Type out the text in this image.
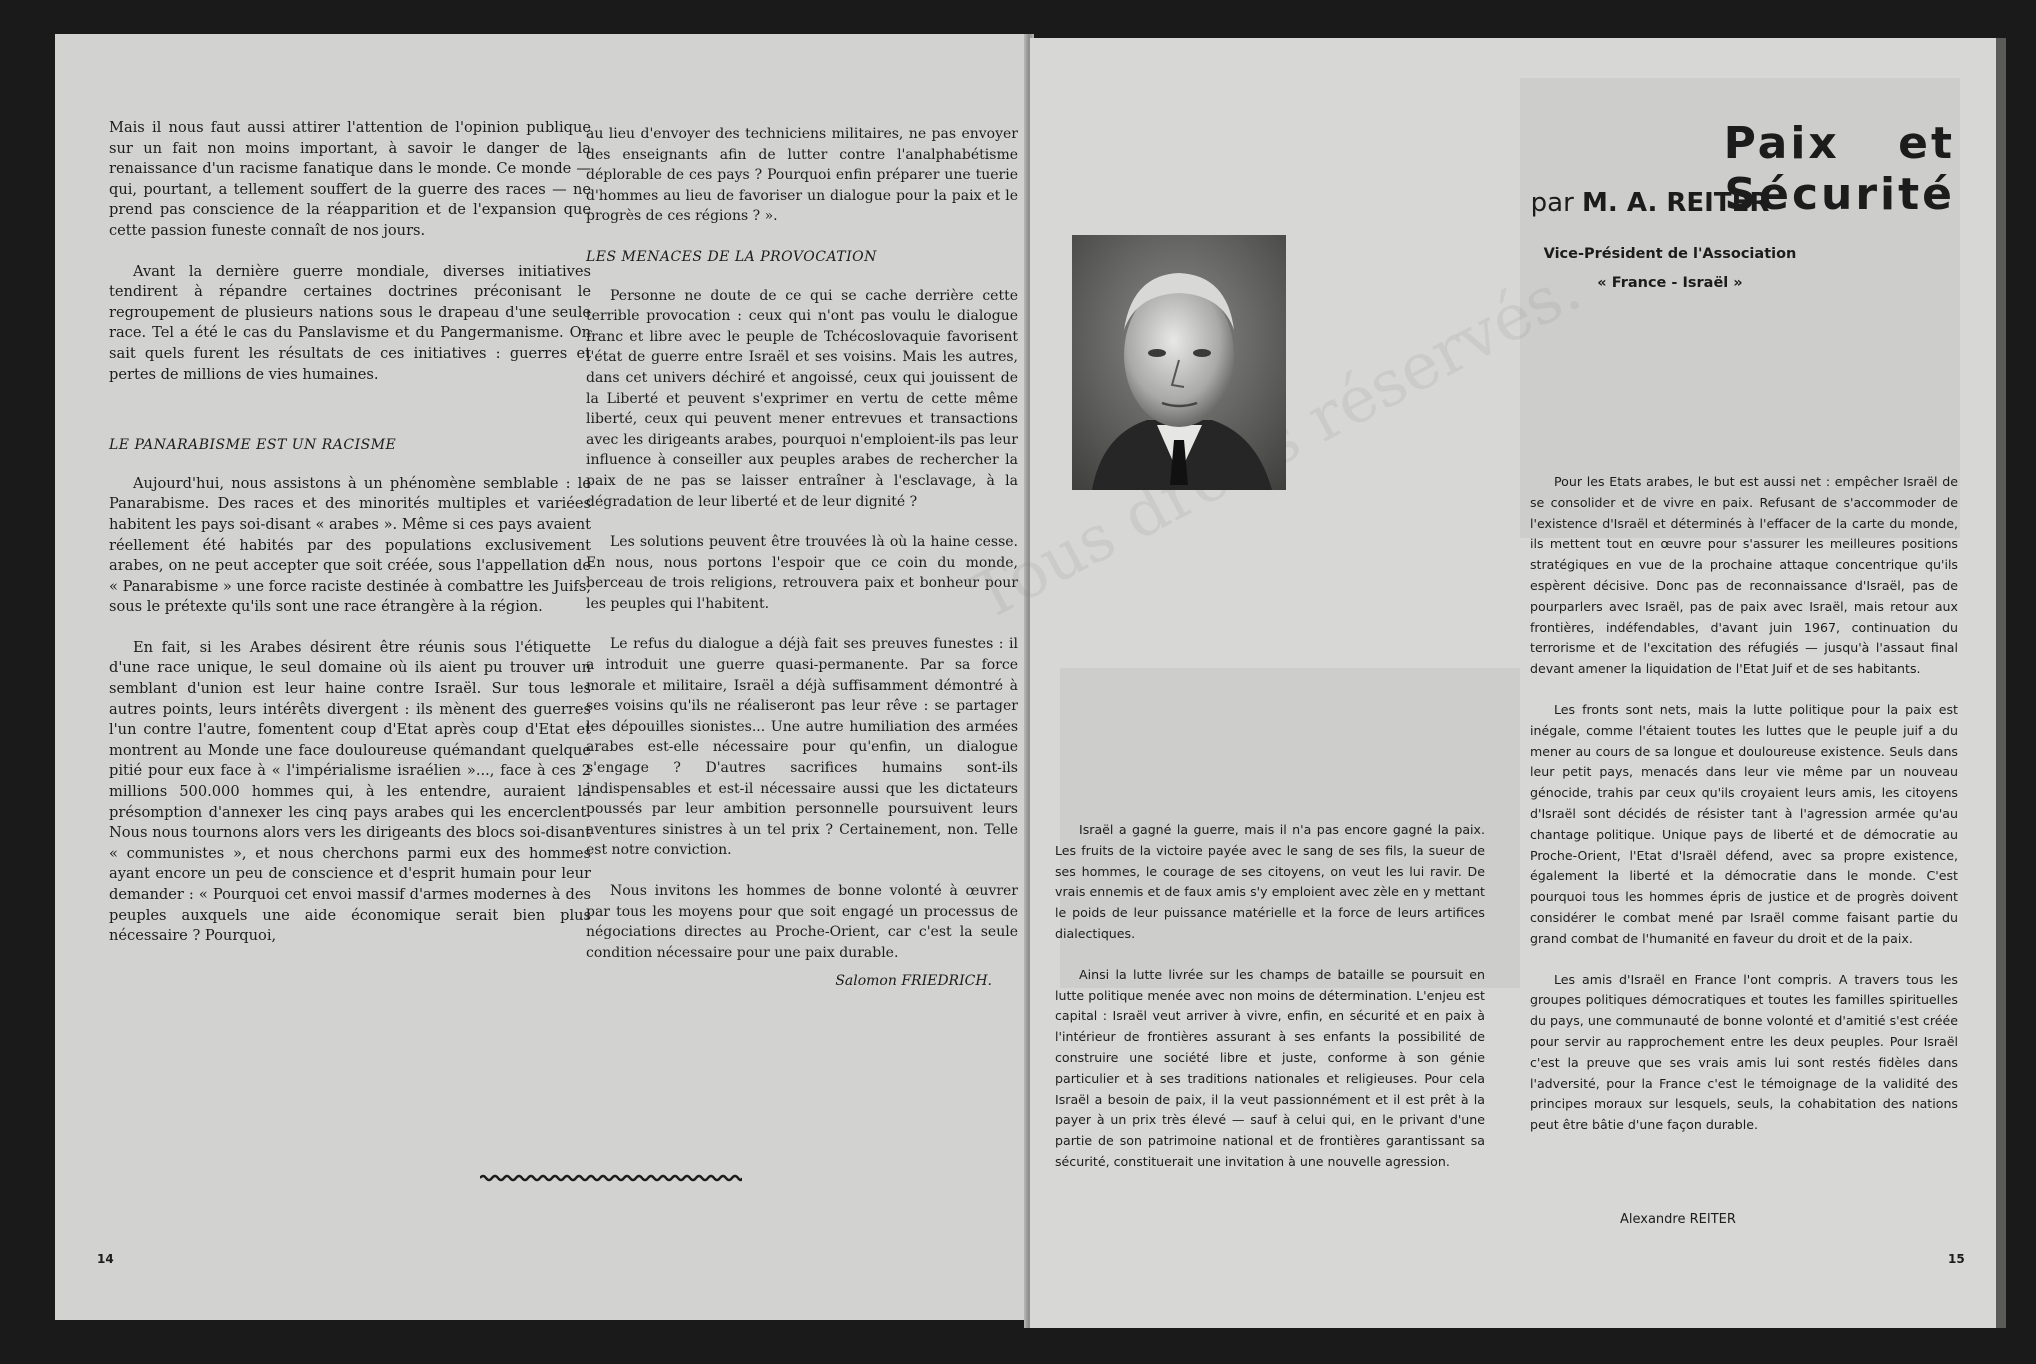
Mais il nous faut aussi attirer l'attention de l'opinion publique sur un fait non moins important, à savoir le danger de la renaissance d'un racisme fanatique dans le monde. Ce monde — qui, pourtant, a tellement souffert de la guerre des races — ne prend pas conscience de la réapparition et de l'expansion que cette passion funeste connaît de nos jours.

Avant la dernière guerre mondiale, diverses initiatives tendirent à répandre certaines doctrines préconisant le regroupement de plusieurs nations sous le drapeau d'une seule race. Tel a été le cas du Panslavisme et du Pangermanisme. On sait quels furent les résultats de ces initiatives : guerres et pertes de millions de vies humaines.

LE PANARABISME EST UN RACISME

Aujourd'hui, nous assistons à un phénomène semblable : le Panarabisme. Des races et des minorités multiples et variées habitent les pays soi-disant « arabes ». Même si ces pays avaient réellement été habités par des populations exclusivement arabes, on ne peut accepter que soit créée, sous l'appellation de « Panarabisme » une force raciste destinée à combattre les Juifs, sous le prétexte qu'ils sont une race étrangère à la région.

En fait, si les Arabes désirent être réunis sous l'étiquette d'une race unique, le seul domaine où ils aient pu trouver un semblant d'union est leur haine contre Israël. Sur tous les autres points, leurs intérêts divergent : ils mènent des guerres l'un contre l'autre, fomentent coup d'Etat après coup d'Etat et montrent au Monde une face douloureuse quémandant quelque pitié pour eux face à « l'impérialisme israélien »..., face à ces 2 millions 500.000 hommes qui, à les entendre, auraient la présomption d'annexer les cinq pays arabes qui les encerclent. Nous nous tournons alors vers les dirigeants des blocs soi-disant « communistes », et nous cherchons parmi eux des hommes ayant encore un peu de conscience et d'esprit humain pour leur demander : « Pourquoi cet envoi massif d'armes modernes à des peuples auxquels une aide économique serait bien plus nécessaire ? Pourquoi,

au lieu d'envoyer des techniciens militaires, ne pas envoyer des enseignants afin de lutter contre l'analphabétisme déplorable de ces pays ? Pourquoi enfin préparer une tuerie d'hommes au lieu de favoriser un dialogue pour la paix et le progrès de ces régions ? ».

LES MENACES DE LA PROVOCATION

Personne ne doute de ce qui se cache derrière cette terrible provocation : ceux qui n'ont pas voulu le dialogue franc et libre avec le peuple de Tchécoslovaquie favorisent l'état de guerre entre Israël et ses voisins. Mais les autres, dans cet univers déchiré et angoissé, ceux qui jouissent de la Liberté et peuvent s'exprimer en vertu de cette même liberté, ceux qui peuvent mener entrevues et transactions avec les dirigeants arabes, pourquoi n'emploient-ils pas leur influence à conseiller aux peuples arabes de rechercher la paix de ne pas se laisser entraîner à l'esclavage, à la dégradation de leur liberté et de leur dignité ?

Les solutions peuvent être trouvées là où la haine cesse. En nous, nous portons l'espoir que ce coin du monde, berceau de trois religions, retrouvera paix et bonheur pour les peuples qui l'habitent.

Le refus du dialogue a déjà fait ses preuves funestes : il a introduit une guerre quasi-permanente. Par sa force morale et militaire, Israël a déjà suffisamment démontré à ses voisins qu'ils ne réaliseront pas leur rêve : se partager les dépouilles sionistes... Une autre humiliation des armées arabes est-elle nécessaire pour qu'enfin, un dialogue s'engage ? D'autres sacrifices humains sont-ils indispensables et est-il nécessaire aussi que les dictateurs poussés par leur ambition personnelle poursuivent leurs aventures sinistres à un tel prix ? Certainement, non. Telle est notre conviction.

Nous invitons les hommes de bonne volonté à œuvrer par tous les moyens pour que soit engagé un processus de négociations directes au Proche-Orient, car c'est la seule condition nécessaire pour une paix durable.

Salomon FRIEDRICH.
14
Tous réservés.
Paix et Sécurité
par M. A. REITER
Vice-Président de l'Association
« France - Israël »

Israël a gagné la guerre, mais il n'a pas encore gagné la paix. Les fruits de la victoire payée avec le sang de ses fils, la sueur de ses hommes, le courage de ses citoyens, on veut les lui ravir. De vrais ennemis et de faux amis s'y emploient avec zèle en y mettant le poids de leur puissance matérielle et la force de leurs artifices dialectiques.

Ainsi la lutte livrée sur les champs de bataille se poursuit en lutte politique menée avec non moins de détermination. L'enjeu est capital : Israël veut arriver à vivre, enfin, en sécurité et en paix à l'intérieur de frontières assurant à ses enfants la possibilité de construire une société libre et juste, conforme à son génie particulier et à ses traditions nationales et religieuses. Pour cela Israël a besoin de paix, il la veut passionnément et il est prêt à la payer à un prix très élevé — sauf à celui qui, en le privant d'une partie de son patrimoine national et de frontières garantissant sa sécurité, constituerait une invitation à une nouvelle agression.

Pour les Etats arabes, le but est aussi net : empêcher Israël de se consolider et de vivre en paix. Refusant de s'accommoder de l'existence d'Israël et déterminés à l'effacer de la carte du monde, ils mettent tout en œuvre pour s'assurer les meilleures positions stratégiques en vue de la prochaine attaque concentrique qu'ils espèrent décisive. Donc pas de reconnaissance d'Israël, pas de pourparlers avec Israël, pas de paix avec Israël, mais retour aux frontières, indéfendables, d'avant juin 1967, continuation du terrorisme et de l'excitation des réfugiés — jusqu'à l'assaut final devant amener la liquidation de l'Etat Juif et de ses habitants.

Les fronts sont nets, mais la lutte politique pour la paix est inégale, comme l'étaient toutes les luttes que le peuple juif a du mener au cours de sa longue et douloureuse existence. Seuls dans leur petit pays, menacés dans leur vie même par un nouveau génocide, trahis par ceux qu'ils croyaient leurs amis, les citoyens d'Israël sont décidés de résister tant à l'agression armée qu'au chantage politique. Unique pays de liberté et de démocratie au Proche-Orient, l'Etat d'Israël défend, avec sa propre existence, également la liberté et la démocratie dans le monde. C'est pourquoi tous les hommes épris de justice et de progrès doivent considérer le combat mené par Israël comme faisant partie du grand combat de l'humanité en faveur du droit et de la paix.

Les amis d'Israël en France l'ont compris. A travers tous les groupes politiques démocratiques et toutes les familles spirituelles du pays, une communauté de bonne volonté et d'amitié s'est créée pour servir au rapprochement entre les deux peuples. Pour Israël c'est la preuve que ses vrais amis lui sont restés fidèles dans l'adversité, pour la France c'est le témoignage de la validité des principes moraux sur lesquels, seuls, la cohabitation des nations peut être bâtie d'une façon durable.

Alexandre REITER
15
